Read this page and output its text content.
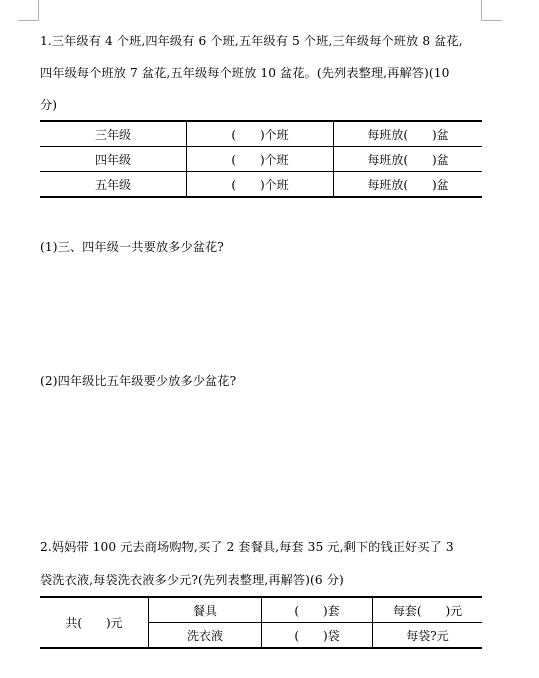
1.三年级有 4 个班,四年级有 6 个班,五年级有 5 个班,三年级每个班放 8 盆花,
四年级每个班放 7 盆花,五年级每个班放 10 盆花。(先列表整理,再解答)(10
分)
三年级	(　　)个班	每班放(　　)盆
四年级	(　　)个班	每班放(　　)盆
五年级	(　　)个班	每班放(　　)盆
(1)三、四年级一共要放多少盆花?
(2)四年级比五年级要少放多少盆花?
2.妈妈带 100 元去商场购物,买了 2 套餐具,每套 35 元,剩下的钱正好买了 3
袋洗衣液,每袋洗衣液多少元?(先列表整理,再解答)(6 分)
共(　　)元	餐具	(　　)套	每套(　　)元
	洗衣液	(　　)袋	每袋?元
